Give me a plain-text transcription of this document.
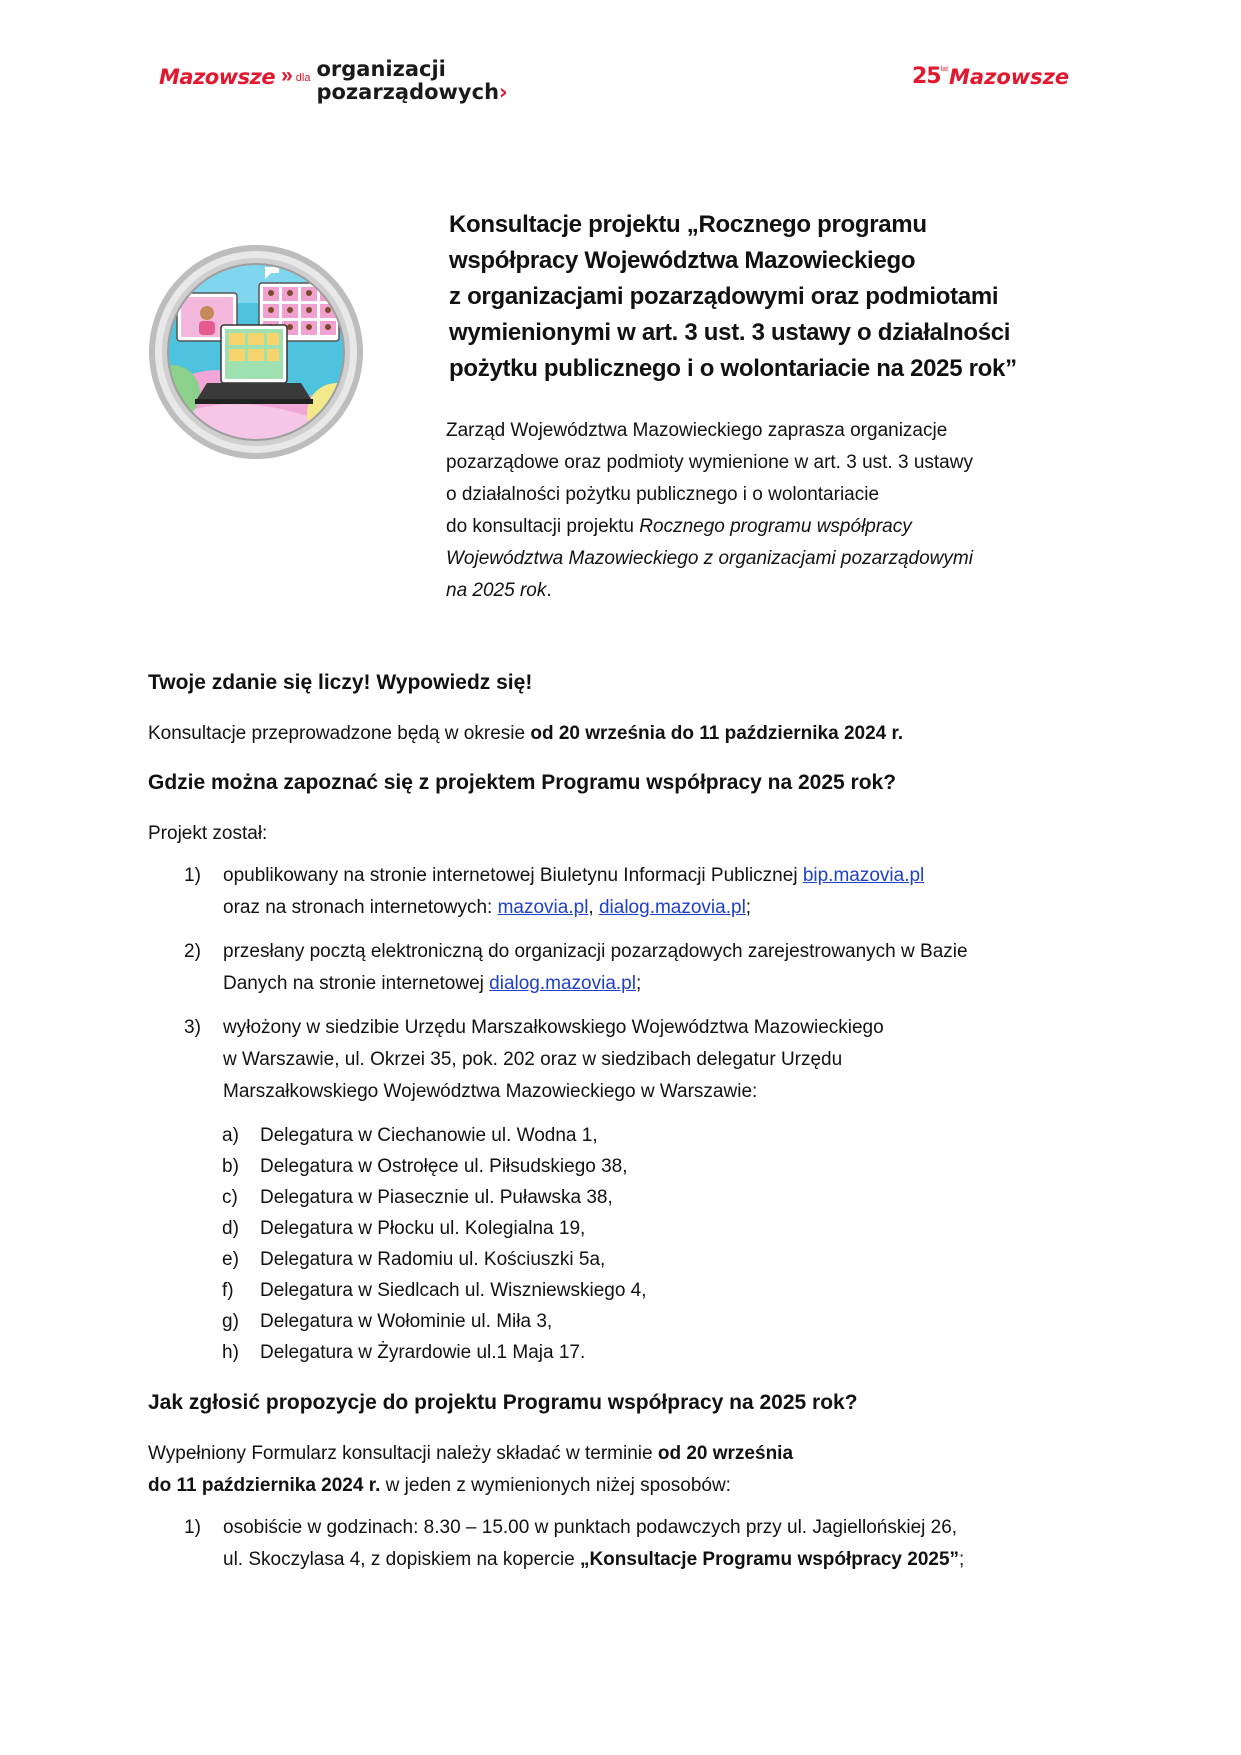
Mazowsze » dla organizacji
pozarządowych›
25 lat Mazowsze

Konsultacje projektu „Rocznego programu

współpracy Województwa Mazowieckiego

z organizacjami pozarządowymi oraz podmiotami

wymienionymi w art. 3 ust. 3 ustawy o działalności

pożytku publicznego i o wolontariacie na 2025 rok”

Zarząd Województwa Mazowieckiego zaprasza organizacje

pozarządowe oraz podmioty wymienione w art. 3 ust. 3 ustawy

o działalności pożytku publicznego i o wolontariacie

do konsultacji projektu Rocznego programu współpracy

Województwa Mazowieckiego z organizacjami pozarządowymi

na 2025 rok.

Twoje zdanie się liczy! Wypowiedz się!

Konsultacje przeprowadzone będą w okresie od 20 września do 11 października 2024 r.

Gdzie można zapoznać się z projektem Programu współpracy na 2025 rok?

Projekt został:

1) opublikowany na stronie internetowej Biuletynu Informacji Publicznej bip.mazovia.pl
oraz na stronach internetowych: mazovia.pl, dialog.mazovia.pl;
2) przesłany pocztą elektroniczną do organizacji pozarządowych zarejestrowanych w Bazie
Danych na stronie internetowej dialog.mazovia.pl;
3) wyłożony w siedzibie Urzędu Marszałkowskiego Województwa Mazowieckiego
w Warszawie, ul. Okrzei 35, pok. 202 oraz w siedzibach delegatur Urzędu
Marszałkowskiego Województwa Mazowieckiego w Warszawie:
a) Delegatura w Ciechanowie ul. Wodna 1,
b) Delegatura w Ostrołęce ul. Piłsudskiego 38,
c) Delegatura w Piasecznie ul. Puławska 38,
d) Delegatura w Płocku ul. Kolegialna 19,
e) Delegatura w Radomiu ul. Kościuszki 5a,
f) Delegatura w Siedlcach ul. Wiszniewskiego 4,
g) Delegatura w Wołominie ul. Miła 3,
h) Delegatura w Żyrardowie ul.1 Maja 17.
Jak zgłosić propozycje do projektu Programu współpracy na 2025 rok?

Wypełniony Formularz konsultacji należy składać w terminie od 20 września
do 11 października 2024 r. w jeden z wymienionych niżej sposobów:

1) osobiście w godzinach: 8.30 – 15.00 w punktach podawczych przy ul. Jagiellońskiej 26,
ul. Skoczylasa 4, z dopiskiem na kopercie „Konsultacje Programu współpracy 2025”;
